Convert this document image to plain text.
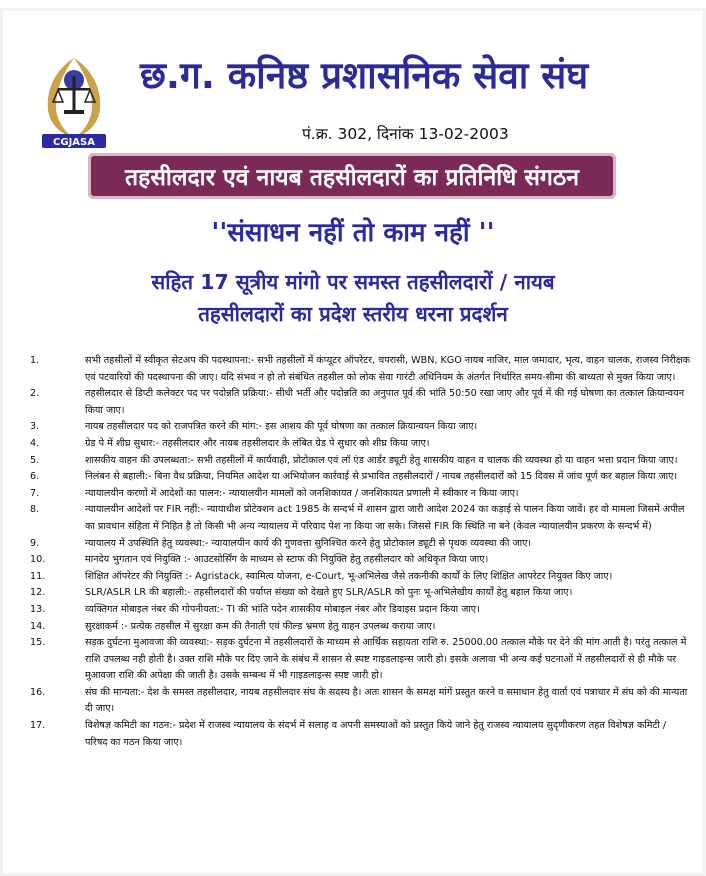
CGJASA
छ.ग. कनिष्ठ प्रशासनिक सेवा संघ
पं.क्र. 302, दिनांक 13-02-2003
तहसीलदार एवं नायब तहसीलदारों का प्रतिनिधि संगठन
''संसाधन नहीं तो काम नहीं ''
सहित 17 सूत्रीय मांगो पर समस्त तहसीलदारों / नायब
तहसीलदारों का प्रदेश स्तरीय धरना प्रदर्शन
1.	सभी तहसीलों में स्वीकृत सेटअप की पदस्थापना:- सभी तहसीलों में कंप्यूटर ऑपरेटर, चपरासी, WBN, KGO नायब नाजिर, माल जमादार, भृत्य, वाहन चालक, राजस्व निरीक्षक एवं पटवारियों की पदस्थापना की जाए। यदि संभव न हो तो संबंधित तहसील को लोक सेवा गारंटी अधिनियम के अंतर्गत निर्धारित समय-सीमा की बाध्यता से मुक्त किया जाए।
2.	तहसीलदार से डिप्टी कलेक्टर पद पर पदोन्नति प्रक्रिया:- सीधी भर्ती और पदोन्नति का अनुपात पूर्व की भांति 50:50 रखा जाए और पूर्व में की गई घोषणा का तत्काल क्रियान्वयन किया जाए।
3.	नायब तहसीलदार पद को राजपत्रित करने की मांग:- इस आशय की पूर्व घोषणा का तत्काल क्रियान्वयन किया जाए।
4.	ग्रेड पे में शीघ्र सुधार:- तहसीलदार और नायब तहसीलदार के लंबित ग्रेड पे सुधार को शीघ्र किया जाए।
5.	शासकीय वाहन की उपलब्धता:- सभी तहसीलों में कार्यवाही, प्रोटोकाल एवं लॉ एंड आर्डर ड्यूटी हेतु शासकीय वाहन व चालक की व्यवस्था हो या वाहन भत्ता प्रदान किया जाए।
6.	निलंबन से बहाली:- बिना वैध प्रक्रिया, नियमित आदेश या अभियोजन कार्रवाई से प्रभावित तहसीलदारों / नायब तहसीलदारों को 15 दिवस में जांच पूर्ण कर बहाल किया जाए।
7.	न्यायालयीन करणों में आदेशों का पालन:- न्यायालयीन मामलों को जनशिकायत / जनशिकायत प्रणाली में स्वीकार न किया जाए।
8.	न्यायालयीन आदेशों पर FIR नहीं:- न्यायाधीश प्रोटेक्शन act 1985 के सन्दर्भ में शासन द्वारा जारी आदेश 2024 का कड़ाई से पालन किया जावें। हर वो मामला जिसमें अपील का प्रावधान संहिता में निहित है तो किसी भी अन्य न्यायालय में परिवाद पेश ना किया जा सके। जिससे FIR कि स्थिति ना बने (केवल न्यायालयीन प्रकरण के सन्दर्भ में)
9.	न्यायालय में उपस्थिति हेतु व्यवस्था:- न्यायालयीन कार्य की गुणवत्ता सुनिश्चित करने हेतु प्रोटोकाल ड्यूटी से पृथक व्यवस्था की जाए।
10.	मानदेय भुगतान एवं नियुक्ति :- आउटसोर्सिंग के माध्यम से स्टाफ की नियुक्ति हेतु तहसीलदार को अधिकृत किया जाए।
11.	शिक्षित ऑपरेटर की नियुक्ति :- Agristack, स्वामित्व योजना, e-Court, भू-अभिलेख जैसे तकनीकी कार्यों के लिए शिक्षित आपरेटर नियुक्त किए जाए।
12.	SLR/ASLR LR की बहाली:- तहसीलदारों की पर्याप्त संख्या को देखते हुए SLR/ASLR को पुनः भू-अभिलेखीय कार्यों हेतु बहाल किया जाए।
13.	व्यक्तिगत मोबाइल नंबर की गोपनीयता:- TI की भांति पदेन शासकीय मोबाइल नंबर और डिवाइस प्रदान किया जाए।
14.	सुरक्षाकर्म :- प्रत्येक तहसील में सुरक्षा कम की तैनाती एवं फील्ड भ्रमण हेतु वाहन उपलब्ध कराया जाए।
15.	सड़क दुर्घटना मुआवजा की व्यवस्था:- सड़क दुर्घटना में तहसीलदारों के माध्यम से आर्थिक सहायता राशि रु. 25000.00 तत्काल मौके पर देने की मांग आती है। परंतु तत्काल में राशि उपलब्ध नही होती है। उक्त राशि मौके पर दिए जाने के संबंध में शासन से स्पष्ट गाइडलाइन्स जारी हो। इसके अलावा भी अन्य कई घटनाओं में तहसीलदारों से ही मौके पर मुआवजा राशि की अपेक्षा की जाती है। उसके सम्बन्ध में भी गाइडलाइन्स स्पष्ट जारी हो।
16.	संघ की मान्यता:- देश के समस्त तहसीलदार, नायब तहसीलदार संघ के सदस्य है। अतः शासन के समक्ष मांगें प्रस्तुत करने व समाधान हेतु वार्ता एवं पत्राचार में संघ को की मान्यता दी जाए।
17.	विशेषज्ञ कमिटी का गठन:- प्रदेश में राजस्व न्यायालय के संदर्भ में सलाह व अपनी समस्याओं को प्रस्तुत किये जाने हेतु राजस्व न्यायालय सुदृणीकरण तहत विशेषज्ञ कमिटी / परिषद का गठन किया जाए।
